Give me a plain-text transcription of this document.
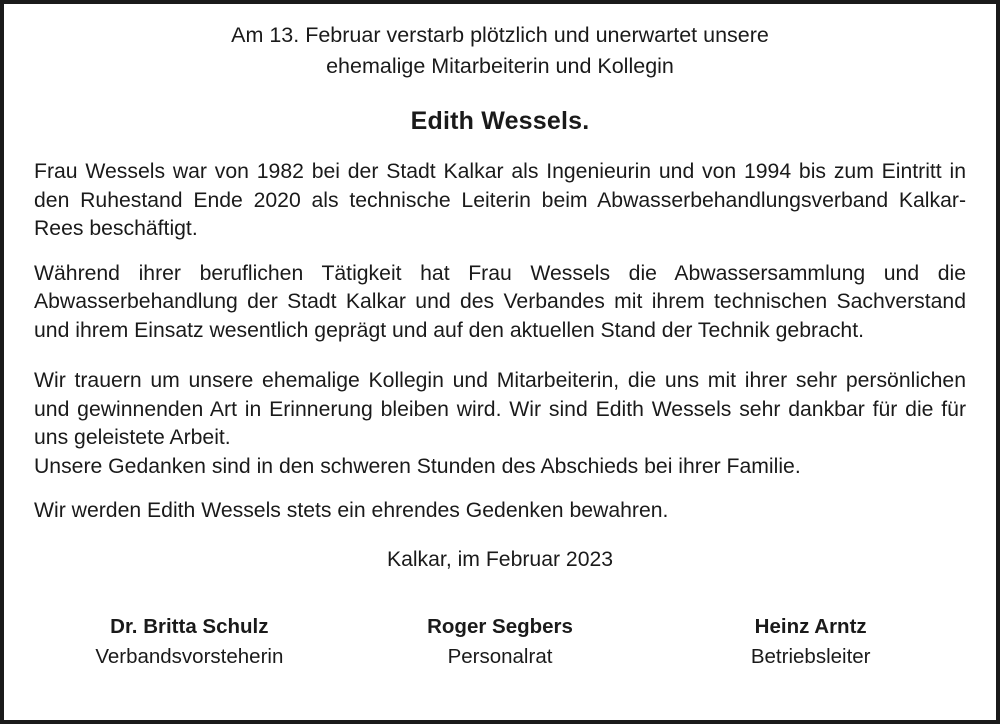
Am 13. Februar verstarb plötzlich und unerwartet unsere
ehemalige Mitarbeiterin und Kollegin
Edith Wessels.

Frau Wessels war von 1982 bei der Stadt Kalkar als Ingenieurin und von 1994 bis zum Eintritt in den Ruhestand Ende 2020 als technische Leiterin beim Abwasserbehandlungsverband Kalkar-Rees beschäftigt.

Während ihrer beruflichen Tätigkeit hat Frau Wessels die Abwassersammlung und die Abwasserbehandlung der Stadt Kalkar und des Verbandes mit ihrem technischen Sachverstand und ihrem Einsatz wesentlich geprägt und auf den aktuellen Stand der Technik gebracht.

Wir trauern um unsere ehemalige Kollegin und Mitarbeiterin, die uns mit ihrer sehr persönlichen und gewinnenden Art in Erinnerung bleiben wird. Wir sind Edith Wessels sehr dankbar für die für uns geleistete Arbeit.

Unsere Gedanken sind in den schweren Stunden des Abschieds bei ihrer Familie.

Wir werden Edith Wessels stets ein ehrendes Gedenken bewahren.

Kalkar, im Februar 2023
Dr. Britta Schulz
Verbandsvorsteherin
Roger Segbers
Personalrat
Heinz Arntz
Betriebsleiter
